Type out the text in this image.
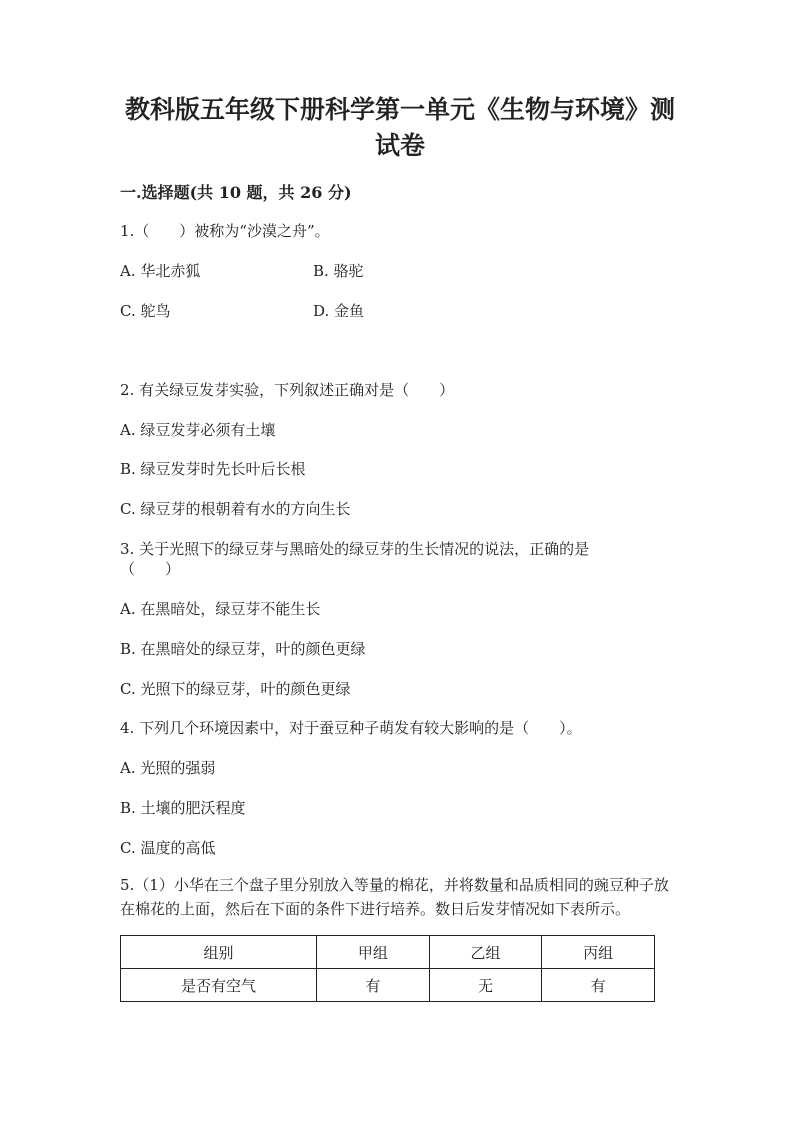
教科版五年级下册科学第一单元《生物与环境》测
试卷
一.选择题(共 10 题，共 26 分)
1.（　　）被称为“沙漠之舟”。
A. 华北赤狐	B. 骆驼
C. 鸵鸟	D. 金鱼
2. 有关绿豆发芽实验，下列叙述正确对是（　　）
A. 绿豆发芽必须有土壤
B. 绿豆发芽时先长叶后长根
C. 绿豆芽的根朝着有水的方向生长
3. 关于光照下的绿豆芽与黑暗处的绿豆芽的生长情况的说法，正确的是
（　　）
A. 在黑暗处，绿豆芽不能生长
B. 在黑暗处的绿豆芽，叶的颜色更绿
C. 光照下的绿豆芽，叶的颜色更绿
4. 下列几个环境因素中，对于蚕豆种子萌发有较大影响的是（　　）。
A. 光照的强弱
B. 土壤的肥沃程度
C. 温度的高低
5.（1）小华在三个盘子里分别放入等量的棉花，并将数量和品质相同的豌豆种子放在棉花的上面，然后在下面的条件下进行培养。数日后发芽情况如下表所示。
组别	甲组	乙组	丙组
是否有空气	有	无	有
